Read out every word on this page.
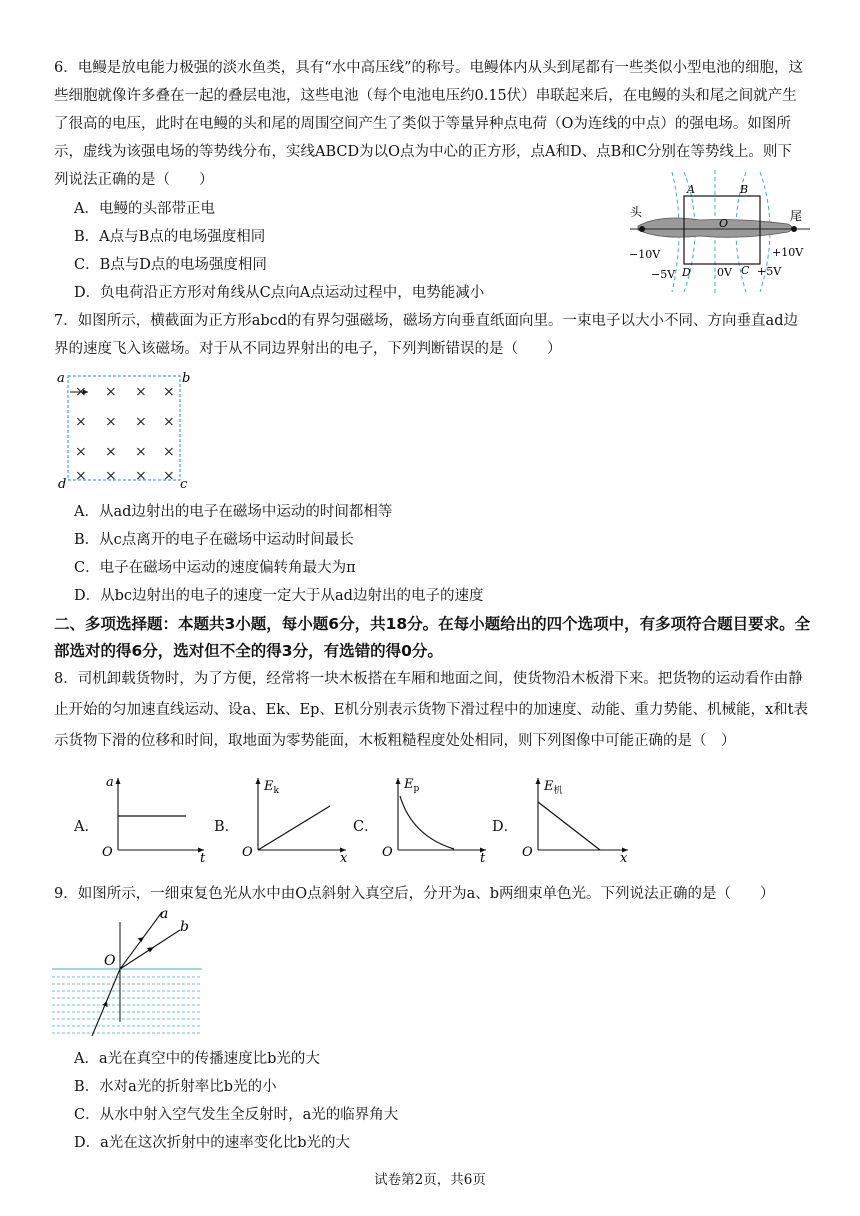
6．电鳗是放电能力极强的淡水鱼类，具有“水中高压线”的称号。电鳗体内从头到尾都有一些类似小型电池的细胞，这些细胞就像许多叠在一起的叠层电池，这些电池（每个电池电压约0.15伏）串联起来后，在电鳗的头和尾之间就产生了很高的电压，此时在电鳗的头和尾的周围空间产生了类似于等量异种点电荷（O为连线的中点）的强电场。如图所示，虚线为该强电场的等势线分布，实线ABCD为以O点为中心的正方形，点A和D、点B和C分别在等势线上。则下列说法正确的是（　　）
A．电鳗的头部带正电
B．A点与B点的电场强度相同
C．B点与D点的电场强度相同
D．负电荷沿正方形对角线从C点向A点运动过程中，电势能减小
A	B
O
D	C
头	尾
−10V	+10V
−5V	0V +5V
7．如图所示，横截面为正方形abcd的有界匀强磁场，磁场方向垂直纸面向里。一束电子以大小不同、方向垂直ad边界的速度飞入该磁场。对于从不同边界射出的电子，下列判断错误的是（　　）
× × × ×
× × × ×
× × × ×
× × × ×
a	b
d	c
A．从ad边射出的电子在磁场中运动的时间都相等
B．从c点离开的电子在磁场中运动时间最长
C．电子在磁场中运动的速度偏转角最大为π
D．从bc边射出的电子的速度一定大于从ad边射出的电子的速度
二、多项选择题：本题共3小题，每小题6分，共18分。在每小题给出的四个选项中，有多项符合题目要求。全部选对的得6分，选对但不全的得3分，有选错的得0分。
8．司机卸载货物时，为了方便，经常将一块木板搭在车厢和地面之间，使货物沿木板滑下来。把货物的运动看作由静止开始的匀加速直线运动、设a、Ek、Ep、E机分别表示货物下滑过程中的加速度、动能、重力势能、机械能，x和t表示货物下滑的位移和时间，取地面为零势能面，木板粗糙程度处处相同，则下列图像中可能正确的是（　）
A．
a
O	t
B．
$E_k$
O	x
C．
$E_p$
O	t
D．
$E_机$
O	x
9．如图所示，一细束复色光从水中由O点斜射入真空后，分开为a、b两细束单色光。下列说法正确的是（　　）
O
a
b
A．a光在真空中的传播速度比b光的大
B．水对a光的折射率比b光的小
C．从水中射入空气发生全反射时，a光的临界角大
D．a光在这次折射中的速率变化比b光的大
试卷第2页，共6页
